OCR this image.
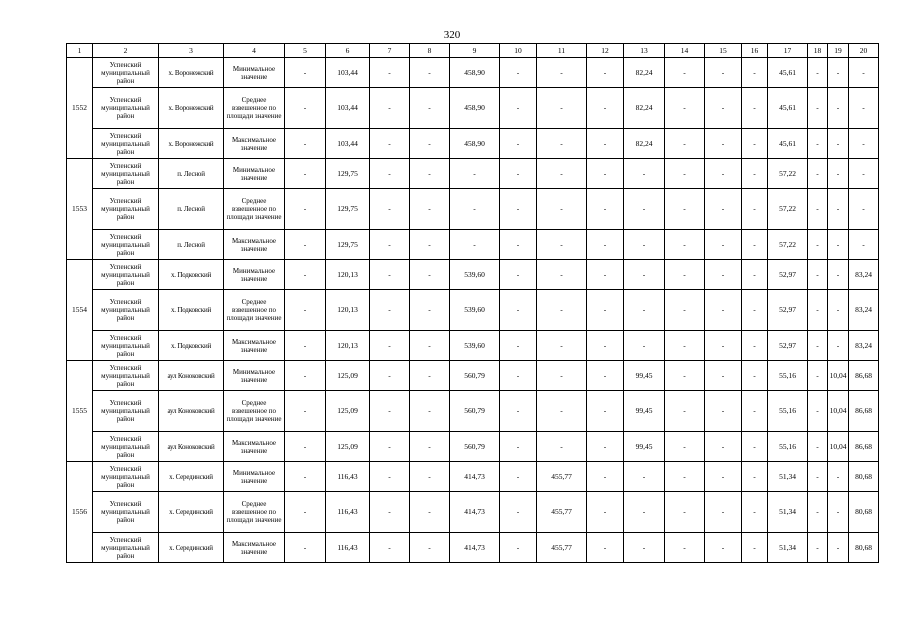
320
1	2	3	4	5	6	7	8	9	10	11	12	13	14	15	16	17	18	19	20
1552	Успенский муниципальный район	х. Воронежский	Минимальное значение	-	103,44	-	-	458,90	-	-	-	82,24	-	-	-	45,61	-	-	-
	Успенский муниципальный район	х. Воронежский	Среднее взвешенное по площади значение	-	103,44	-	-	458,90	-	-	-	82,24	-	-	-	45,61	-	-	-
	Успенский муниципальный район	х. Воронежский	Максимальное значение	-	103,44	-	-	458,90	-	-	-	82,24	-	-	-	45,61	-	-	-
1553	Успенский муниципальный район	п. Лесной	Минимальное значение	-	129,75	-	-	-	-	-	-	-	-	-	-	57,22	-	-	-
	Успенский муниципальный район	п. Лесной	Среднее взвешенное по площади значение	-	129,75	-	-	-	-	-	-	-	-	-	-	57,22	-	-	-
	Успенский муниципальный район	п. Лесной	Максимальное значение	-	129,75	-	-	-	-	-	-	-	-	-	-	57,22	-	-	-
1554	Успенский муниципальный район	х. Подковский	Минимальное значение	-	120,13	-	-	539,60	-	-	-	-	-	-	-	52,97	-	-	83,24
	Успенский муниципальный район	х. Подковский	Среднее взвешенное по площади значение	-	120,13	-	-	539,60	-	-	-	-	-	-	-	52,97	-	-	83,24
	Успенский муниципальный район	х. Подковский	Максимальное значение	-	120,13	-	-	539,60	-	-	-	-	-	-	-	52,97	-	-	83,24
1555	Успенский муниципальный район	аул Коноковский	Минимальное значение	-	125,09	-	-	560,79	-	-	-	99,45	-	-	-	55,16	-	10,04	86,68
	Успенский муниципальный район	аул Коноковский	Среднее взвешенное по площади значение	-	125,09	-	-	560,79	-	-	-	99,45	-	-	-	55,16	-	10,04	86,68
	Успенский муниципальный район	аул Коноковский	Максимальное значение	-	125,09	-	-	560,79	-	-	-	99,45	-	-	-	55,16	-	10,04	86,68
1556	Успенский муниципальный район	х. Серединский	Минимальное значение	-	116,43	-	-	414,73	-	455,77	-	-	-	-	-	51,34	-	-	80,68
	Успенский муниципальный район	х. Серединский	Среднее взвешенное по площади значение	-	116,43	-	-	414,73	-	455,77	-	-	-	-	-	51,34	-	-	80,68
	Успенский муниципальный район	х. Серединский	Максимальное значение	-	116,43	-	-	414,73	-	455,77	-	-	-	-	-	51,34	-	-	80,68
